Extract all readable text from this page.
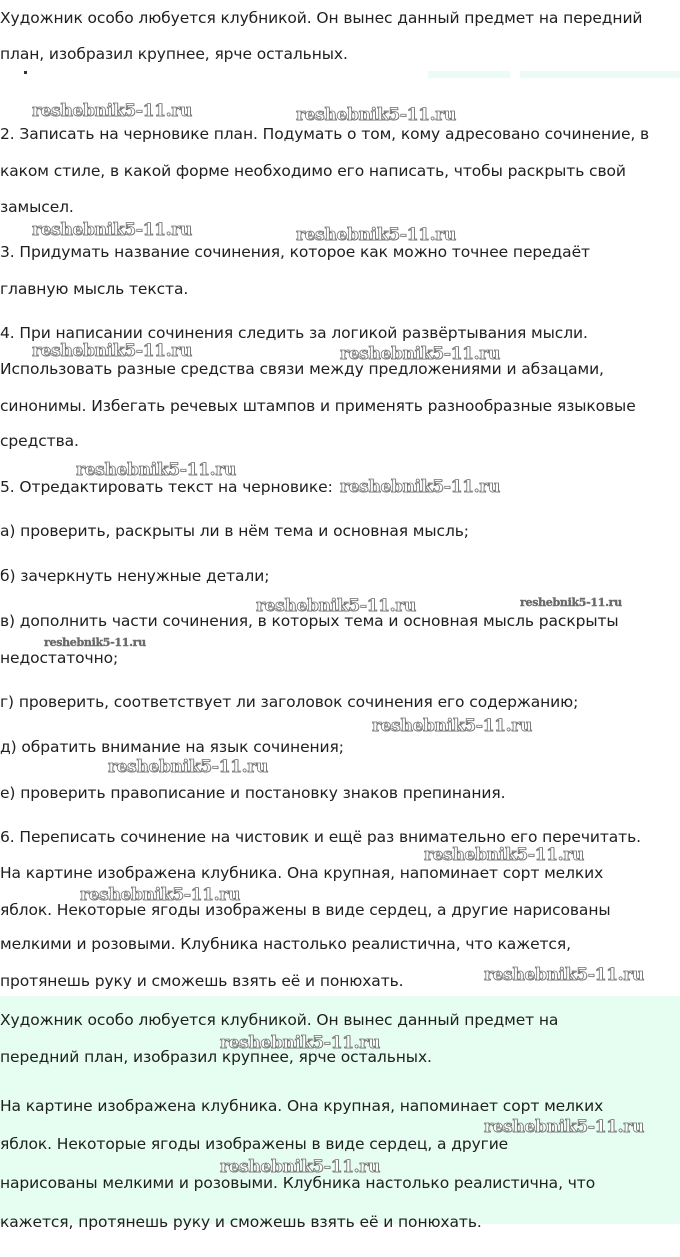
Художник особо любуется клубникой. Он вынес данный предмет на передний

план, изобразил крупнее, ярче остальных.

2. Записать на черновике план. Подумать о том, кому адресовано сочинение, в

каком стиле, в какой форме необходимо его написать, чтобы раскрыть свой

замысел.

3. Придумать название сочинения, которое как можно точнее передаёт

главную мысль текста.

4. При написании сочинения следить за логикой развёртывания мысли.

Использовать разные средства связи между предложениями и абзацами,

синонимы. Избегать речевых штампов и применять разнообразные языковые

средства.

5. Отредактировать текст на черновике:

а) проверить, раскрыты ли в нём тема и основная мысль;

б) зачеркнуть ненужные детали;

в) дополнить части сочинения, в которых тема и основная мысль раскрыты

недостаточно;

г) проверить, соответствует ли заголовок сочинения его содержанию;

д) обратить внимание на язык сочинения;

е) проверить правописание и постановку знаков препинания.

6. Переписать сочинение на чистовик и ещё раз внимательно его перечитать.

На картине изображена клубника. Она крупная, напоминает сорт мелких

яблок. Некоторые ягоды изображены в виде сердец, а другие нарисованы

мелкими и розовыми. Клубника настолько реалистична, что кажется,

протянешь руку и сможешь взять её и понюхать.

Художник особо любуется клубникой. Он вынес данный предмет на

передний план, изобразил крупнее, ярче остальных.

На картине изображена клубника. Она крупная, напоминает сорт мелких

яблок. Некоторые ягоды изображены в виде сердец, а другие

нарисованы мелкими и розовыми. Клубника настолько реалистична, что

кажется, протянешь руку и сможешь взять её и понюхать.

reshebnik5-11.ru	reshebnik5-11.ru
reshebnik5-11.ru	reshebnik5-11.ru
reshebnik5-11.ru	reshebnik5-11.ru
reshebnik5-11.ru
reshebnik5-11.ru
reshebnik5-11.ru	reshebnik5-11.ru
reshebnik5-11.ru
reshebnik5-11.ru
reshebnik5-11.ru
reshebnik5-11.ru
reshebnik5-11.ru
reshebnik5-11.ru
reshebnik5-11.ru
reshebnik5-11.ru
reshebnik5-11.ru
